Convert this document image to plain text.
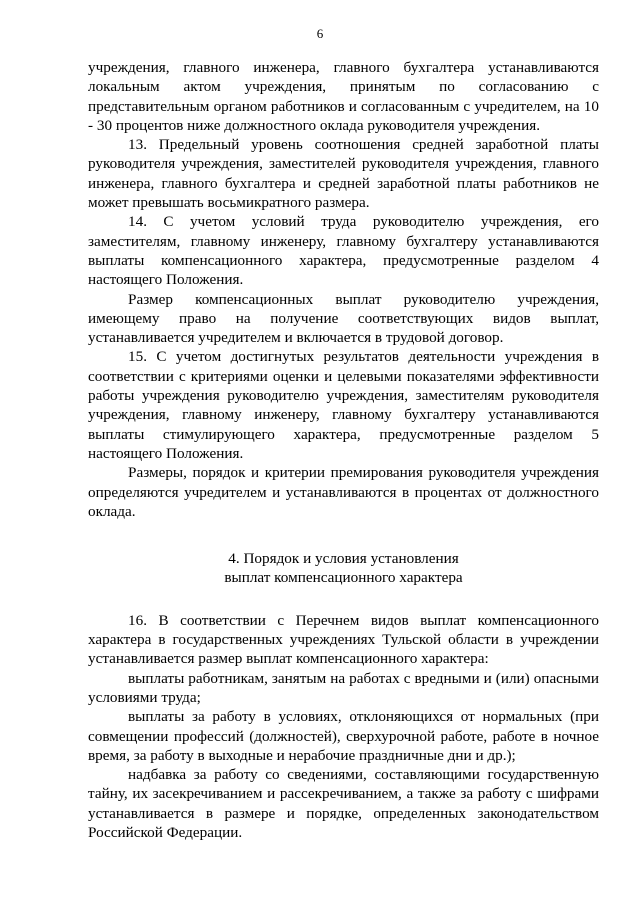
6

учреждения, главного инженера, главного бухгалтера устанавливаются локальным актом учреждения, принятым по согласованию с представительным органом работников и согласованным с учредителем, на 10 - 30 процентов ниже должностного оклада руководителя учреждения.

13. Предельный уровень соотношения средней заработной платы руководителя учреждения, заместителей руководителя учреждения, главного инженера, главного бухгалтера и средней заработной платы работников не может превышать восьмикратного размера.

14. С учетом условий труда руководителю учреждения, его заместителям, главному инженеру, главному бухгалтеру устанавливаются выплаты компенсационного характера, предусмотренные разделом 4 настоящего Положения.

Размер компенсационных выплат руководителю учреждения, имеющему право на получение соответствующих видов выплат, устанавливается учредителем и включается в трудовой договор.

15. С учетом достигнутых результатов деятельности учреждения в соответствии с критериями оценки и целевыми показателями эффективности работы учреждения руководителю учреждения, заместителям руководителя учреждения, главному инженеру, главному бухгалтеру устанавливаются выплаты стимулирующего характера, предусмотренные разделом 5 настоящего Положения.

Размеры, порядок и критерии премирования руководителя учреждения определяются учредителем и устанавливаются в процентах от должностного оклада.

4. Порядок и условия установления
выплат компенсационного характера

16. В соответствии с Перечнем видов выплат компенсационного характера в государственных учреждениях Тульской области в учреждении устанавливается размер выплат компенсационного характера:

выплаты работникам, занятым на работах с вредными и (или) опасными условиями труда;

выплаты за работу в условиях, отклоняющихся от нормальных (при совмещении профессий (должностей), сверхурочной работе, работе в ночное время, за работу в выходные и нерабочие праздничные дни и др.);

надбавка за работу со сведениями, составляющими государственную тайну, их засекречиванием и рассекречиванием, а также за работу с шифрами устанавливается в размере и порядке, определенных законодательством Российской Федерации.
